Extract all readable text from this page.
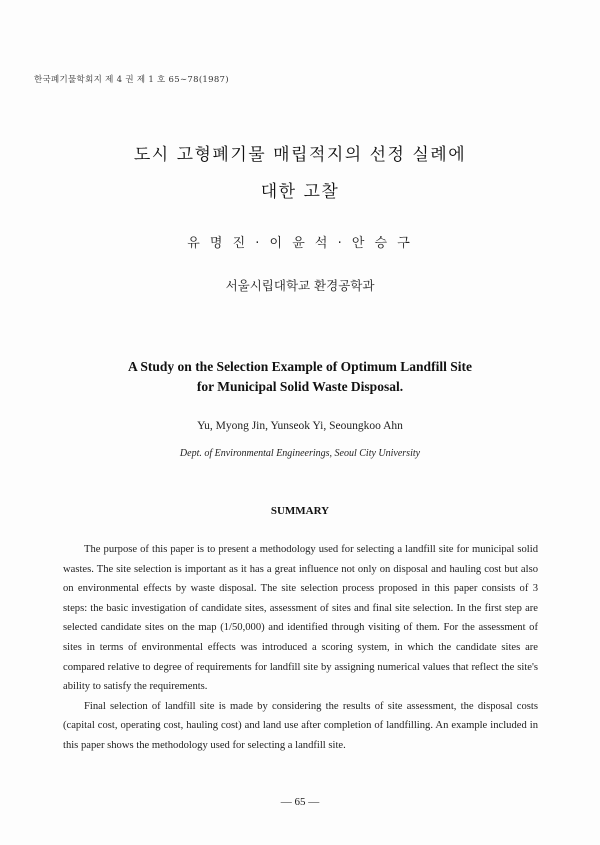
한국폐기물학회지 제 4 권 제 1 호 65∼78(1987)
도시 고형폐기물 매립적지의 선정 실례에
대한 고찰
유 명 진 · 이 윤 석 · 안 승 구
서울시립대학교 환경공학과
A Study on the Selection Example of Optimum Landfill Site
for Municipal Solid Waste Disposal.
Yu, Myong Jin, Yunseok Yi, Seoungkoo Ahn
Dept. of Environmental Engineerings, Seoul City University
SUMMARY

The purpose of this paper is to present a methodology used for selecting a landfill site for municipal solid wastes. The site selection is important as it has a great influence not only on disposal and hauling cost but also on environmental effects by waste disposal. The site selection process proposed in this paper consists of 3 steps: the basic investigation of candidate sites, assessment of sites and final site selection. In the first step are selected candidate sites on the map (1/50,000) and identified through visiting of them. For the assessment of sites in terms of environmental effects was introduced a scoring system, in which the candidate sites are compared relative to degree of requirements for landfill site by assigning numerical values that reflect the site's ability to satisfy the requirements.

Final selection of landfill site is made by considering the results of site assessment, the disposal costs (capital cost, operating cost, hauling cost) and land use after completion of landfilling. An example included in this paper shows the methodology used for selecting a landfill site.

— 65 —
